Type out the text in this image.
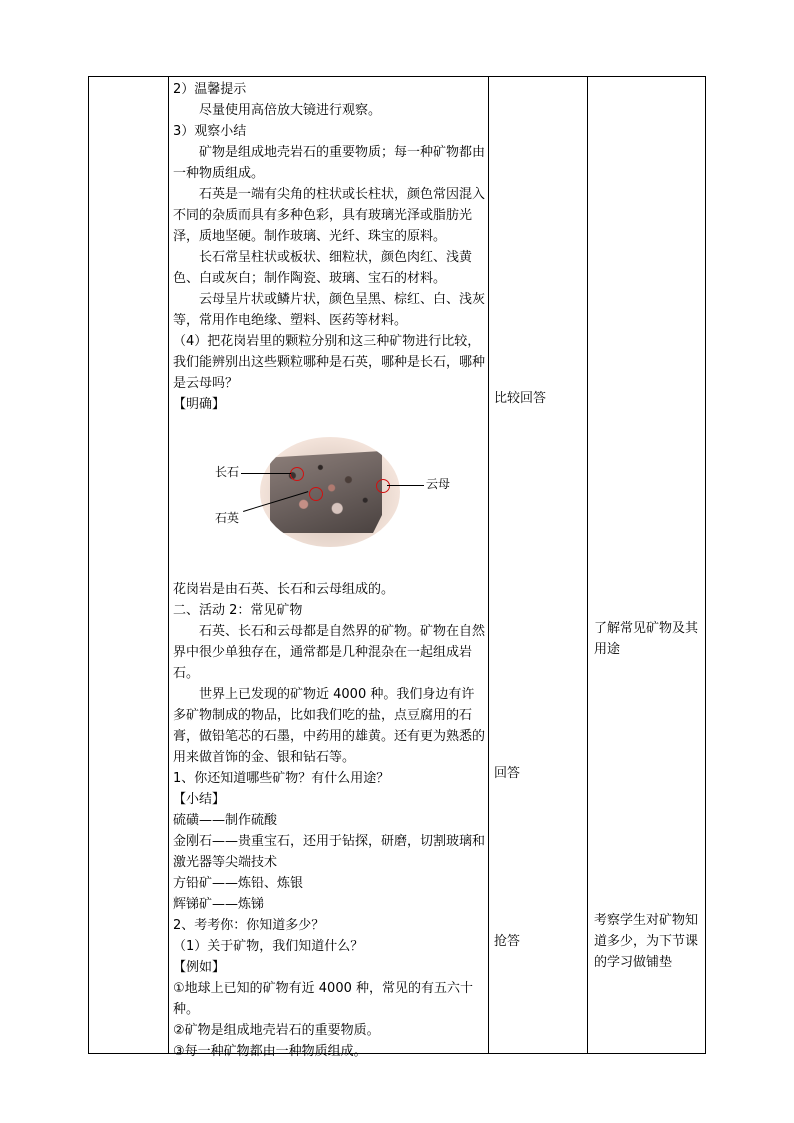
2）温馨提示

尽量使用高倍放大镜进行观察。

3）观察小结

矿物是组成地壳岩石的重要物质；每一种矿物都由一种物质组成。

石英是一端有尖角的柱状或长柱状，颜色常因混入不同的杂质而具有多种色彩，具有玻璃光泽或脂肪光泽，质地坚硬。制作玻璃、光纤、珠宝的原料。

长石常呈柱状或板状、细粒状，颜色肉红、浅黄色、白或灰白；制作陶瓷、玻璃、宝石的材料。

云母呈片状或鳞片状，颜色呈黑、棕红、白、浅灰等，常用作电绝缘、塑料、医药等材料。

（4）把花岗岩里的颗粒分别和这三种矿物进行比较，我们能辨别出这些颗粒哪种是石英，哪种是长石，哪种是云母吗？

【明确】

长石
石英
云母

花岗岩是由石英、长石和云母组成的。

二、活动 2：常见矿物

石英、长石和云母都是自然界的矿物。矿物在自然界中很少单独存在，通常都是几种混杂在一起组成岩石。

世界上已发现的矿物近 4000 种。我们身边有许多矿物制成的物品，比如我们吃的盐，点豆腐用的石膏，做铅笔芯的石墨，中药用的雄黄。还有更为熟悉的用来做首饰的金、银和钻石等。

1、你还知道哪些矿物？有什么用途？

【小结】

硫磺——制作硫酸

金刚石——贵重宝石，还用于钻探，研磨，切割玻璃和激光器等尖端技术

方铅矿——炼铅、炼银

辉锑矿——炼锑

2、考考你：你知道多少？

（1）关于矿物，我们知道什么？

【例如】

①地球上已知的矿物有近 4000 种，常见的有五六十种。

②矿物是组成地壳岩石的重要物质。

③每一种矿物都由一种物质组成。

比较回答
回答
抢答
了解常见矿物及其用途
考察学生对矿物知道多少，为下节课的学习做铺垫
